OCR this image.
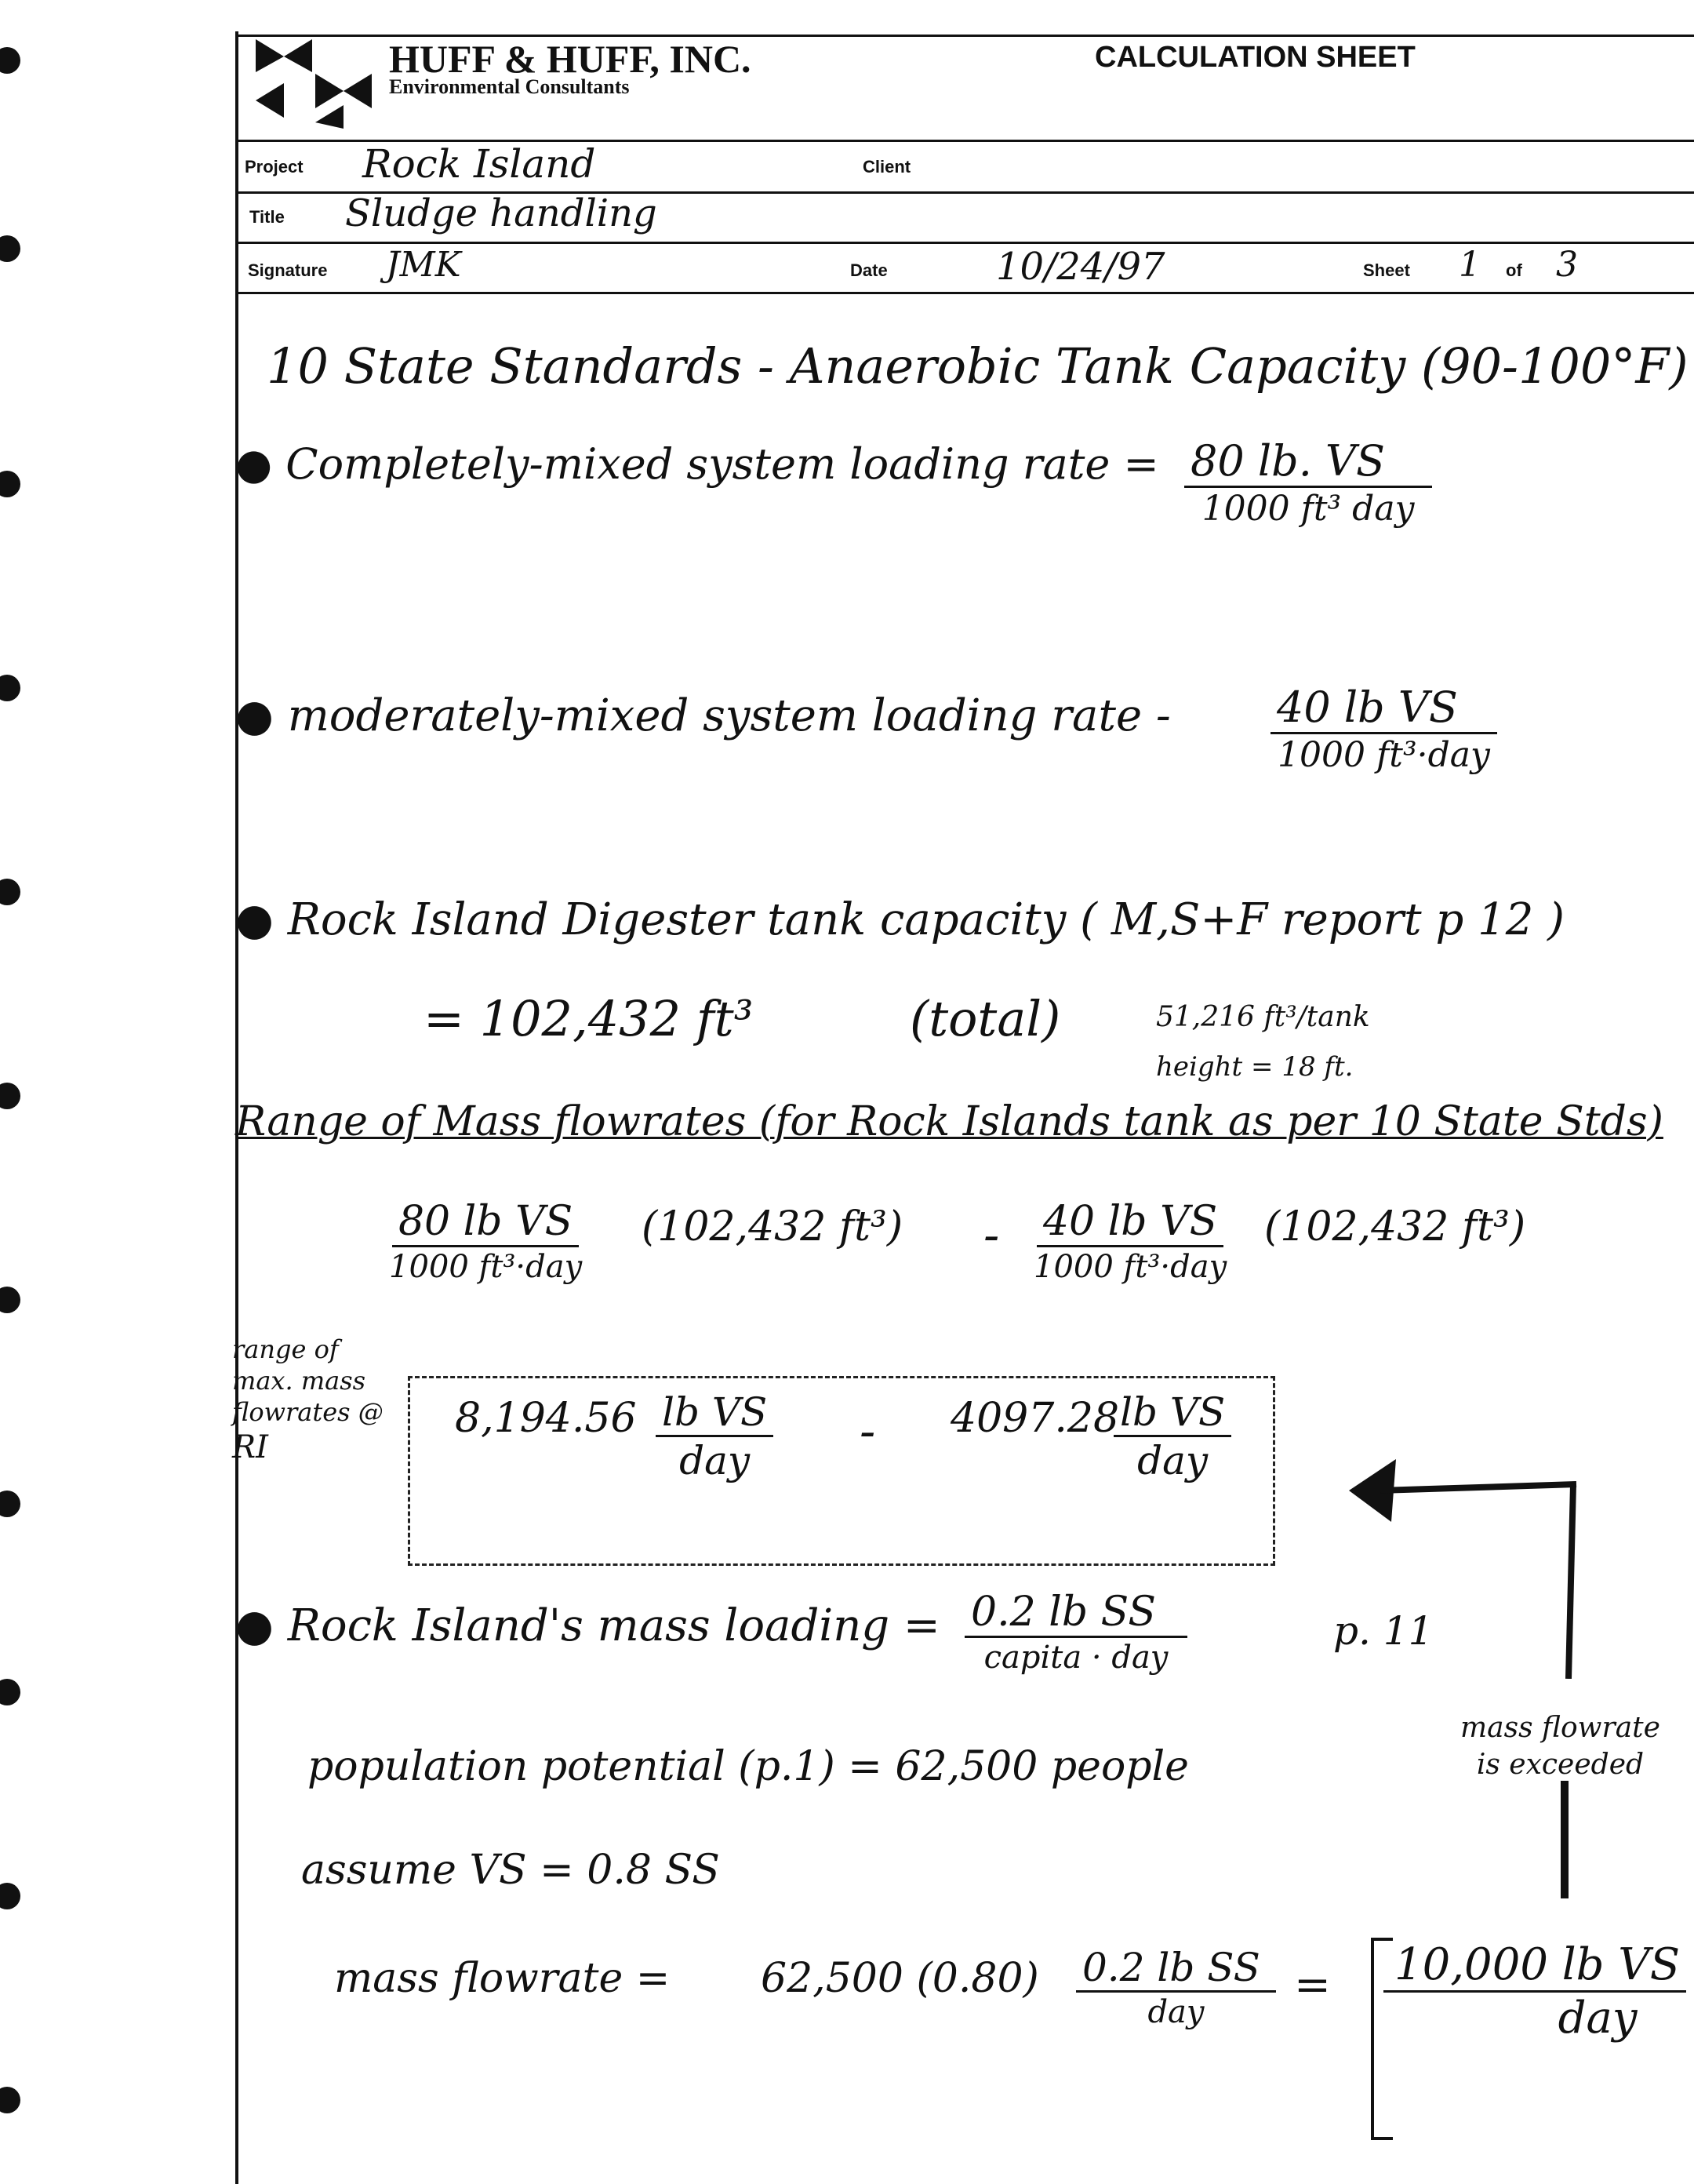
HUFF & HUFF, INC.
Environmental Consultants
CALCULATION SHEET
Project Rock Island	Client
Title Sludge handling
Signature JMK	Date	10/24/97	Sheet 1 of 3
10 State Standards - Anaerobic Tank Capacity (90-100°F)
● Completely-mixed system loading rate = 80 lb. VS
1000 ft³ day
● moderately-mixed system loading rate -	40 lb VS
1000 ft³·day
● Rock Island Digester tank capacity ( M,S+F report p 12 )
= 102,432 ft³	(total)	51,216 ft³/tank
height = 18 ft.
Range of Mass flowrates (for Rock Islands tank as per 10 State Stds)
80 lb VS
1000 ft³·day
(102,432 ft³) - 40 lb VS
1000 ft³·day
(102,432 ft³)
range of
max. mass
flowrates @
RI
8,194.56 lb VS
day
- 4097.28 lb VS
day
● Rock Island's mass loading = 0.2 lb SS
capita · day
p. 11
mass flowrate
is exceeded
population potential (p.1) = 62,500 people
assume VS = 0.8 SS
mass flowrate = 62,500 (0.80) 0.2 lb SS
day
= 10,000 lb VS
day
